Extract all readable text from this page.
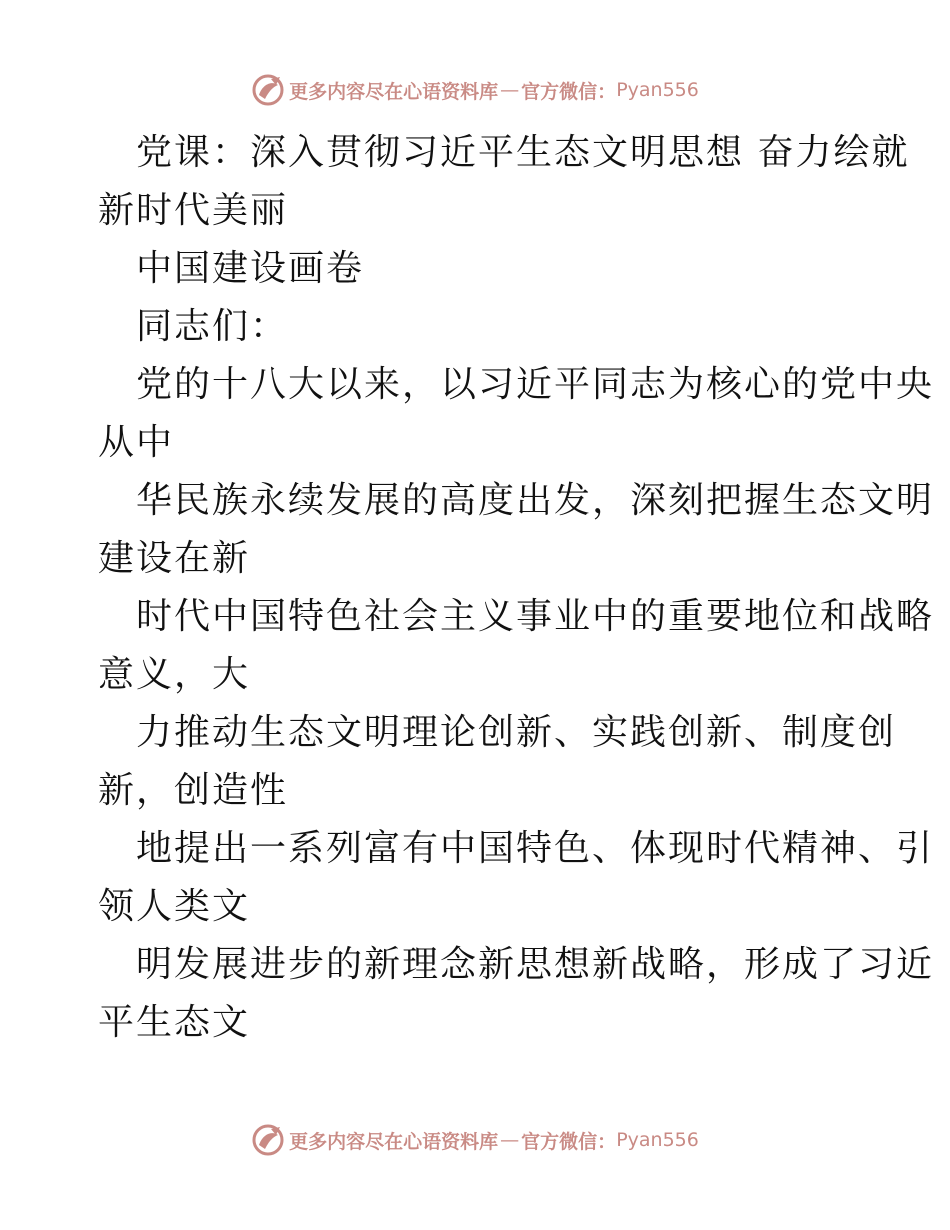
更多内容尽在心语资料库 — 官方微信： Pyan556
党课：深入贯彻习近平生态文明思想 奋力绘就
新时代美丽
中国建设画卷
同志们：
党的十八大以来，以习近平同志为核心的党中央
从中
华民族永续发展的高度出发，深刻把握生态文明
建设在新
时代中国特色社会主义事业中的重要地位和战略
意义，大
力推动生态文明理论创新、实践创新、制度创
新，创造性
地提出一系列富有中国特色、体现时代精神、引
领人类文
明发展进步的新理念新思想新战略，形成了习近
平生态文
更多内容尽在心语资料库 — 官方微信： Pyan556
